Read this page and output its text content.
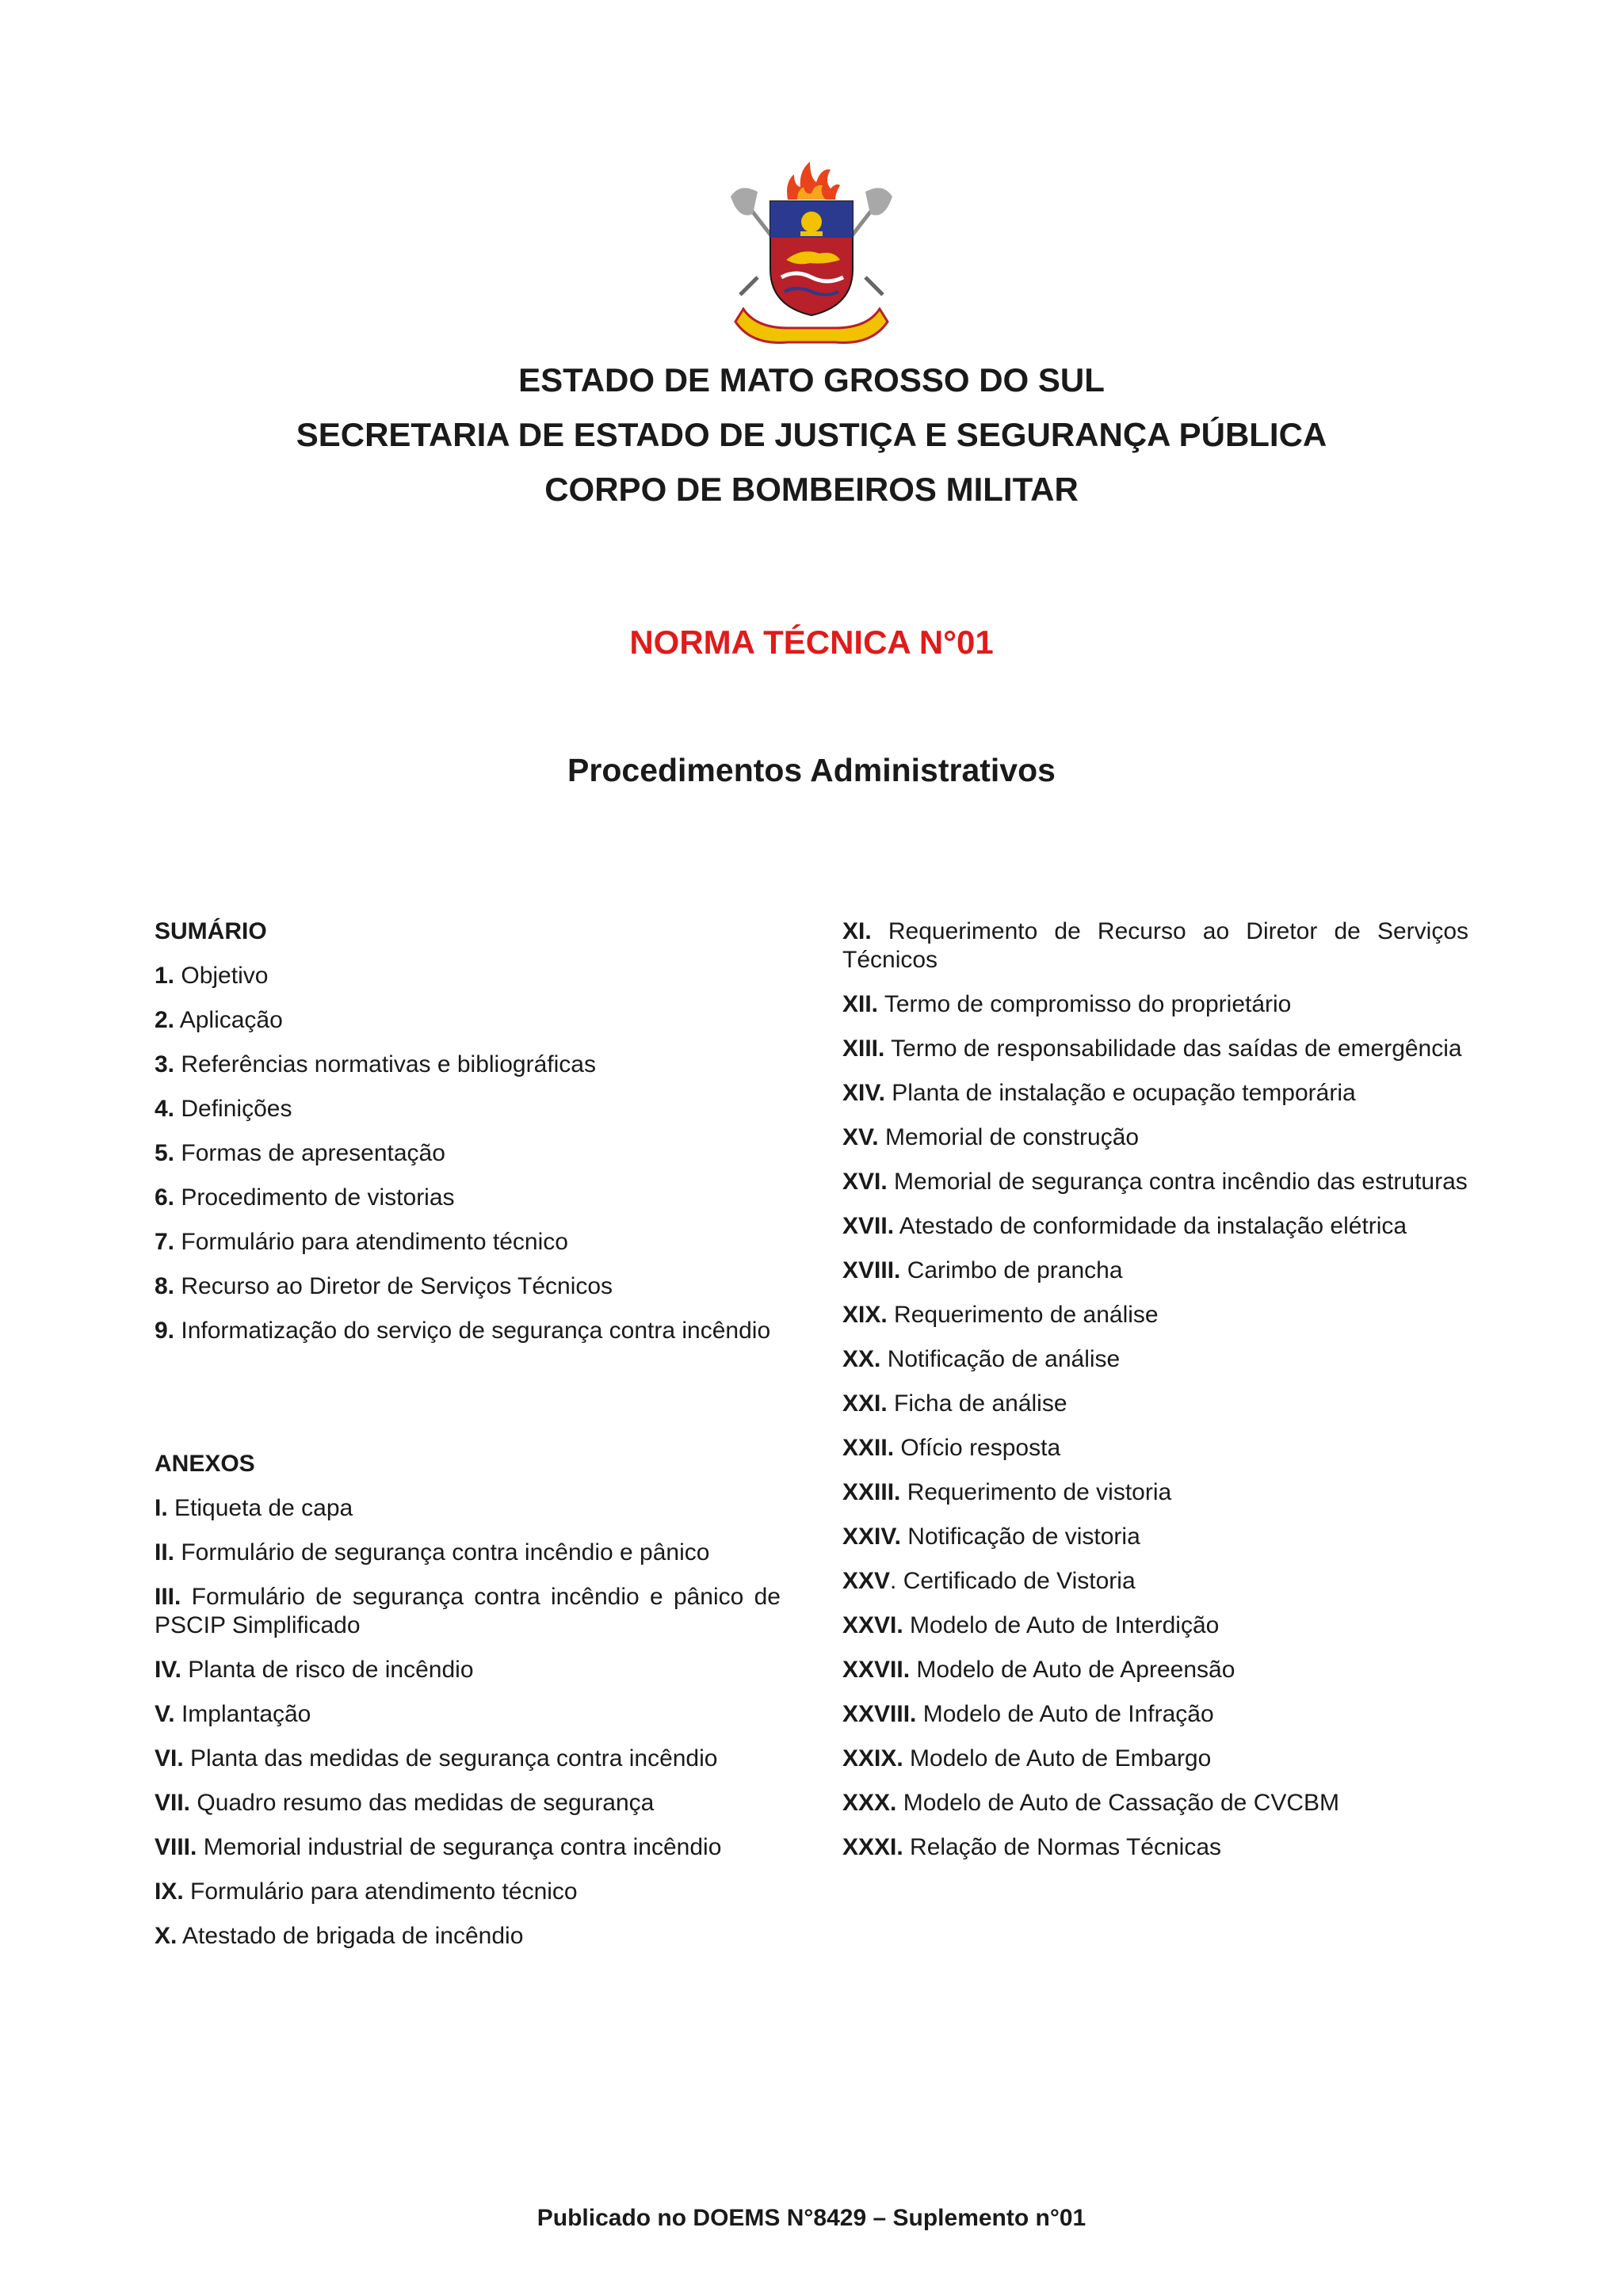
ESTADO DE MATO GROSSO DO SUL
SECRETARIA DE ESTADO DE JUSTIÇA E SEGURANÇA PÚBLICA
CORPO DE BOMBEIROS MILITAR
NORMA TÉCNICA N°01
Procedimentos Administrativos
SUMÁRIO
1. Objetivo
2. Aplicação
3. Referências normativas e bibliográficas
4. Definições
5. Formas de apresentação
6. Procedimento de vistorias
7. Formulário para atendimento técnico
8. Recurso ao Diretor de Serviços Técnicos
9. Informatização do serviço de segurança contra incêndio
ANEXOS
I. Etiqueta de capa
II. Formulário de segurança contra incêndio e pânico
III. Formulário de segurança contra incêndio e pânico de PSCIP Simplificado
IV. Planta de risco de incêndio
V. Implantação
VI. Planta das medidas de segurança contra incêndio
VII. Quadro resumo das medidas de segurança
VIII. Memorial industrial de segurança contra incêndio
IX. Formulário para atendimento técnico
X. Atestado de brigada de incêndio
XI. Requerimento de Recurso ao Diretor de Serviços Técnicos
XII. Termo de compromisso do proprietário
XIII. Termo de responsabilidade das saídas de emergência
XIV. Planta de instalação e ocupação temporária
XV. Memorial de construção
XVI. Memorial de segurança contra incêndio das estruturas
XVII. Atestado de conformidade da instalação elétrica
XVIII. Carimbo de prancha
XIX. Requerimento de análise
XX. Notificação de análise
XXI. Ficha de análise
XXII. Ofício resposta
XXIII. Requerimento de vistoria
XXIV. Notificação de vistoria
XXV. Certificado de Vistoria
XXVI. Modelo de Auto de Interdição
XXVII. Modelo de Auto de Apreensão
XXVIII. Modelo de Auto de Infração
XXIX. Modelo de Auto de Embargo
XXX. Modelo de Auto de Cassação de CVCBM
XXXI. Relação de Normas Técnicas
Publicado no DOEMS N°8429 – Suplemento n°01
